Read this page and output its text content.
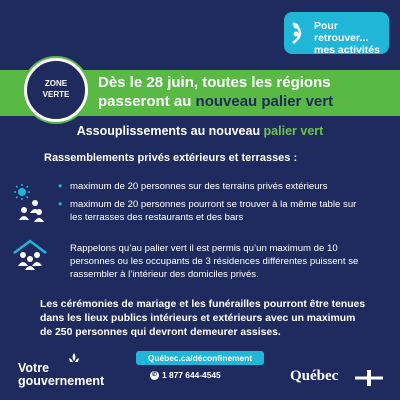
Pour
retrouver...
mes activités
ZONE
VERTE
Dès le 28 juin, toutes les régions
passeront au nouveau palier vert
Assouplissements au nouveau palier vert
Rassemblements privés extérieurs et terrasses :
• maximum de 20 personnes sur des terrains privés extérieurs
• maximum de 20 personnes pourront se trouver à la même table sur les terrasses des restaurants et des bars
Rappelons qu’au palier vert il est permis qu’un maximum de 10 personnes ou les occupants de 3 résidences différentes puissent se rassembler à l’intérieur des domiciles privés.
Les cérémonies de mariage et les funérailles pourront être tenues dans les lieux publics intérieurs et extérieurs avec un maximum de 250 personnes qui devront demeurer assises.
Québec.ca/déconfinement
✆ 1 877 644-4545
Votre
gouvernement	Québec
